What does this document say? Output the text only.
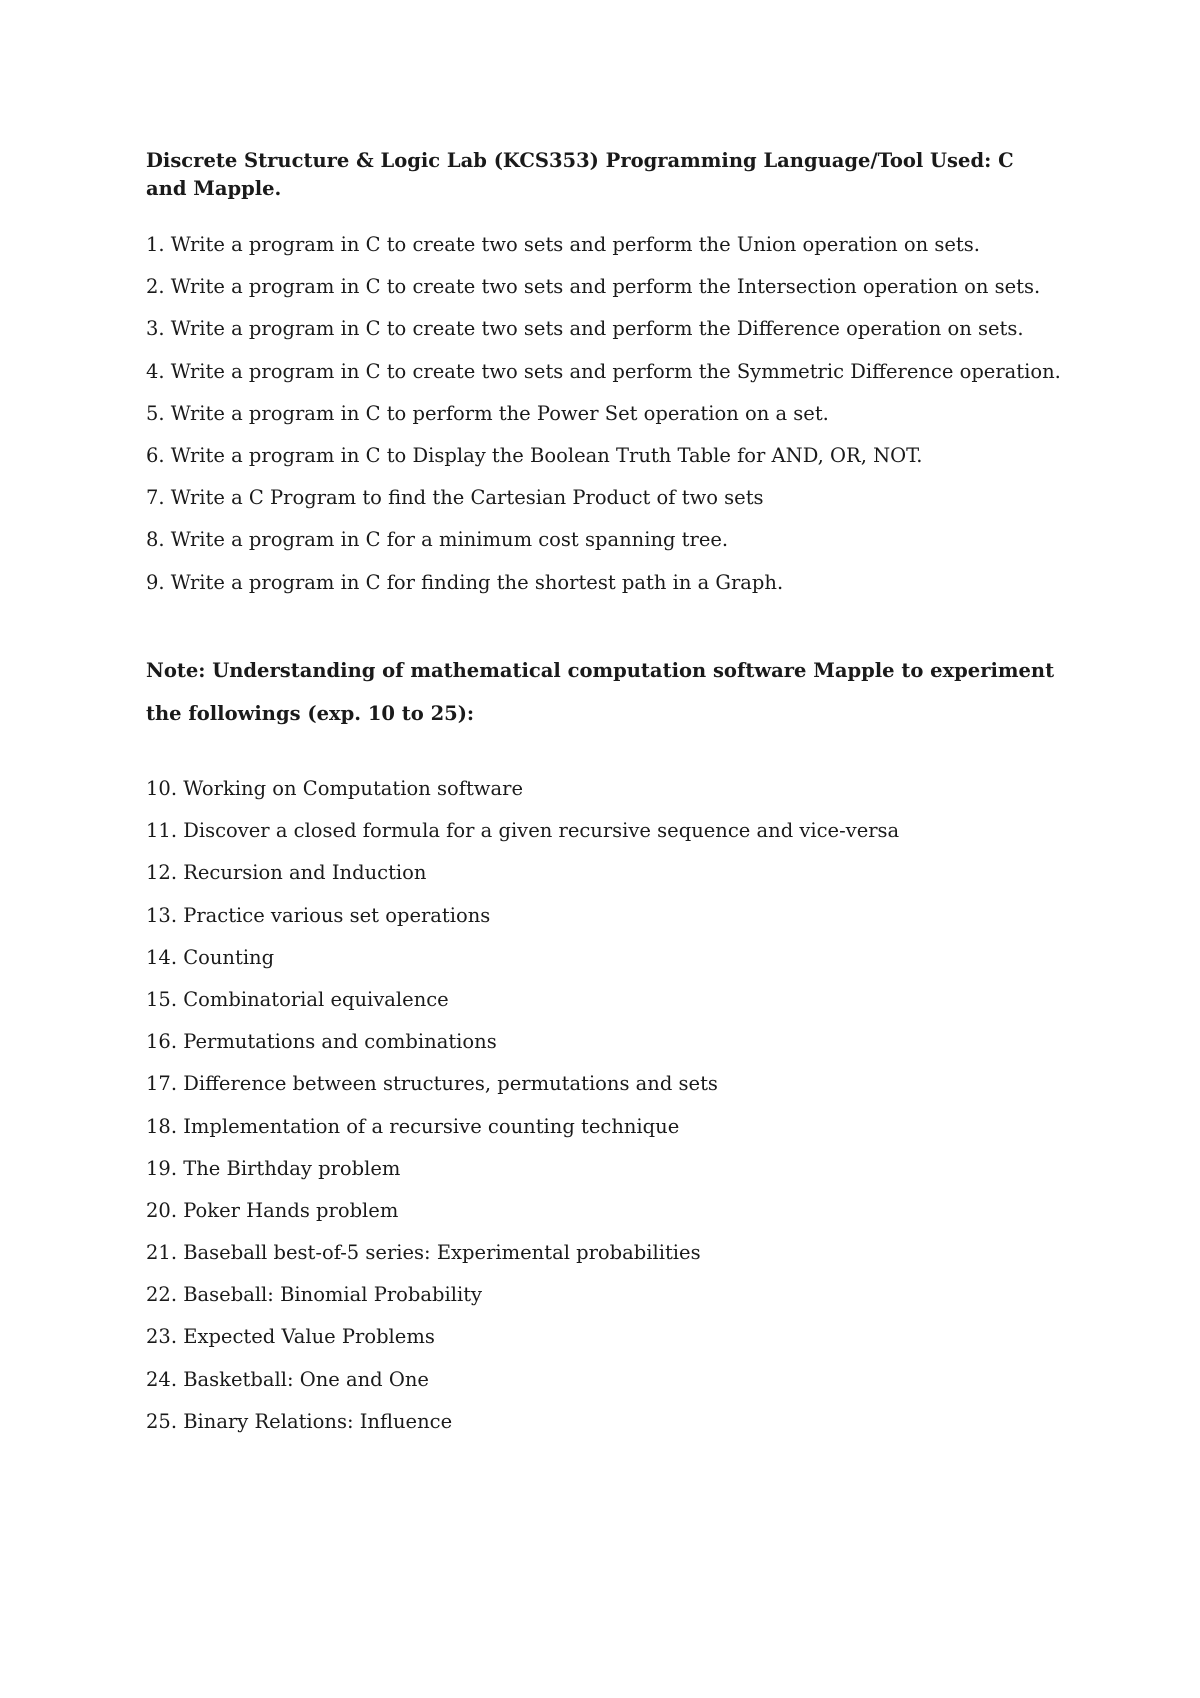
Discrete Structure & Logic Lab (KCS353) Programming Language/Tool Used: C and Mapple.

1. Write a program in C to create two sets and perform the Union operation on sets.
2. Write a program in C to create two sets and perform the Intersection operation on sets.
3. Write a program in C to create two sets and perform the Difference operation on sets.
4. Write a program in C to create two sets and perform the Symmetric Difference operation.
5. Write a program in C to perform the Power Set operation on a set.
6. Write a program in C to Display the Boolean Truth Table for AND, OR, NOT.
7. Write a C Program to find the Cartesian Product of two sets
8. Write a program in C for a minimum cost spanning tree.
9. Write a program in C for finding the shortest path in a Graph.

Note: Understanding of mathematical computation software Mapple to experiment the followings (exp. 10 to 25):

10. Working on Computation software
11. Discover a closed formula for a given recursive sequence and vice-versa
12. Recursion and Induction
13. Practice various set operations
14. Counting
15. Combinatorial equivalence
16. Permutations and combinations
17. Difference between structures, permutations and sets
18. Implementation of a recursive counting technique
19. The Birthday problem
20. Poker Hands problem
21. Baseball best-of-5 series: Experimental probabilities
22. Baseball: Binomial Probability
23. Expected Value Problems
24. Basketball: One and One
25. Binary Relations: Influence
